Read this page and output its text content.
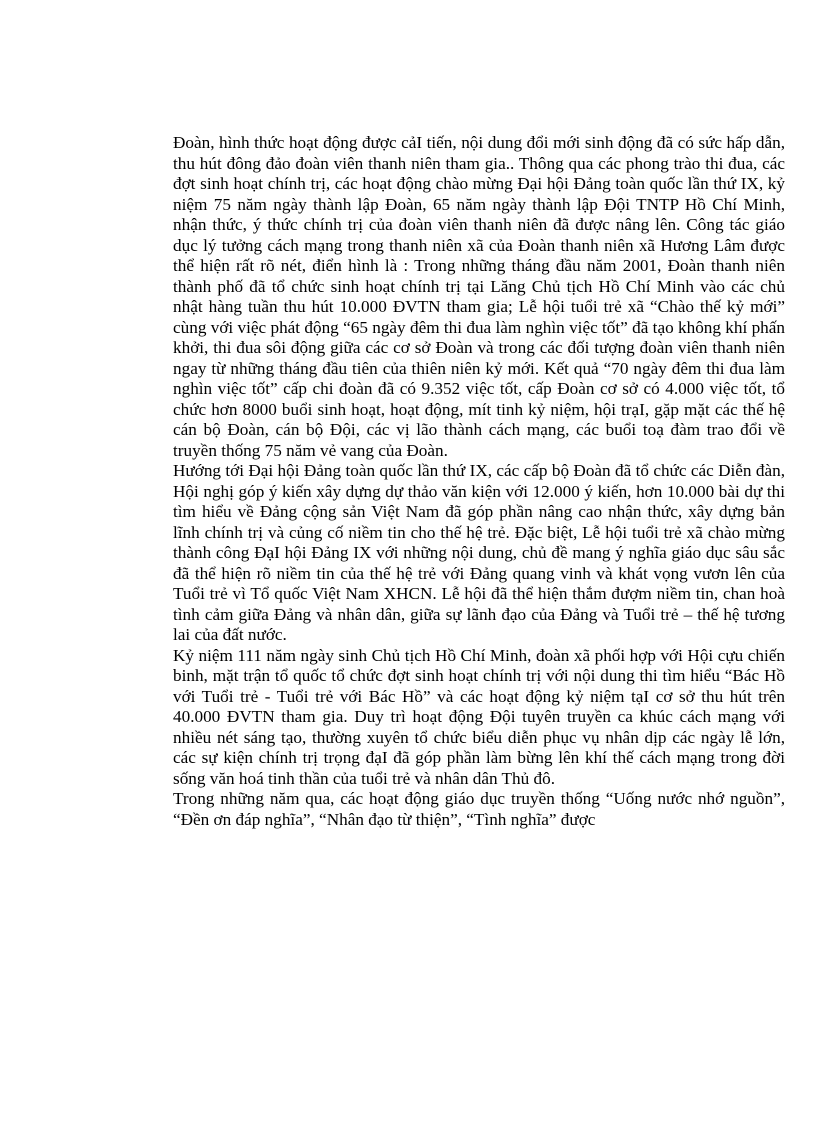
Đoàn, hình thức hoạt động được cảI tiến, nội dung đổi mới sinh động đã có sức hấp dẫn, thu hút đông đảo đoàn viên thanh niên tham gia.. Thông qua các phong trào thi đua, các đợt sinh hoạt chính trị, các hoạt động chào mừng Đại hội Đảng toàn quốc lần thứ IX, kỷ niệm 75 năm ngày thành lập Đoàn, 65 năm ngày thành lập Đội TNTP Hồ Chí Minh, nhận thức, ý thức chính trị của đoàn viên thanh niên đã được nâng lên. Công tác giáo dục lý tưởng cách mạng trong thanh niên xã của Đoàn thanh niên xã Hương Lâm được thể hiện rất rõ nét, điển hình là : Trong những tháng đầu năm 2001, Đoàn thanh niên thành phố đã tổ chức sinh hoạt chính trị tại Lăng Chủ tịch Hồ Chí Minh vào các chủ nhật hàng tuần thu hút 10.000 ĐVTN tham gia; Lễ hội tuổi trẻ xã “Chào thế kỷ mới” cùng với việc phát động “65 ngày đêm thi đua làm nghìn việc tốt” đã tạo không khí phấn khởi, thi đua sôi động giữa các cơ sở Đoàn và trong các đối tượng đoàn viên thanh niên ngay từ những tháng đầu tiên của thiên niên kỷ mới. Kết quả “70 ngày đêm thi đua làm nghìn việc tốt” cấp chi đoàn đã có 9.352 việc tốt, cấp Đoàn cơ sở có 4.000 việc tốt, tổ chức hơn 8000 buổi sinh hoạt, hoạt động, mít tinh kỷ niệm, hội trạI, gặp mặt các thế hệ cán bộ Đoàn, cán bộ Đội, các vị lão thành cách mạng, các buổi toạ đàm trao đổi về truyền thống 75 năm vẻ vang của Đoàn.

Hướng tới Đại hội Đảng toàn quốc lần thứ IX, các cấp bộ Đoàn đã tổ chức các Diễn đàn, Hội nghị góp ý kiến xây dựng dự thảo văn kiện với 12.000 ý kiến, hơn 10.000 bài dự thi tìm hiểu về Đảng cộng sản Việt Nam đã góp phần nâng cao nhận thức, xây dựng bản lĩnh chính trị và củng cố niềm tin cho thế hệ trẻ. Đặc biệt, Lễ hội tuổi trẻ xã chào mừng thành công ĐạI hội Đảng IX với những nội dung, chủ đề mang ý nghĩa giáo dục sâu sắc đã thể hiện rõ niềm tin của thế hệ trẻ với Đảng quang vinh và khát vọng vươn lên của Tuổi trẻ vì Tổ quốc Việt Nam XHCN. Lễ hội đã thể hiện thắm đượm niềm tin, chan hoà tình cảm giữa Đảng và nhân dân, giữa sự lãnh đạo của Đảng và Tuổi trẻ – thế hệ tương lai của đất nước.

Kỷ niệm 111 năm ngày sinh Chủ tịch Hồ Chí Minh, đoàn xã phối hợp với Hội cựu chiến binh, mặt trận tổ quốc tổ chức đợt sinh hoạt chính trị với nội dung thi tìm hiểu “Bác Hồ với Tuổi trẻ - Tuổi trẻ với Bác Hồ” và các hoạt động kỷ niệm tạI cơ sở thu hút trên 40.000 ĐVTN tham gia. Duy trì hoạt động Đội tuyên truyền ca khúc cách mạng với nhiều nét sáng tạo, thường xuyên tổ chức biểu diễn phục vụ nhân dịp các ngày lễ lớn, các sự kiện chính trị trọng đạI đã góp phần làm bừng lên khí thế cách mạng trong đời sống văn hoá tinh thần của tuổi trẻ và nhân dân Thủ đô.

Trong những năm qua, các hoạt động giáo dục truyền thống “Uống nước nhớ nguồn”, “Đền ơn đáp nghĩa”, “Nhân đạo từ thiện”, “Tình nghĩa” được
